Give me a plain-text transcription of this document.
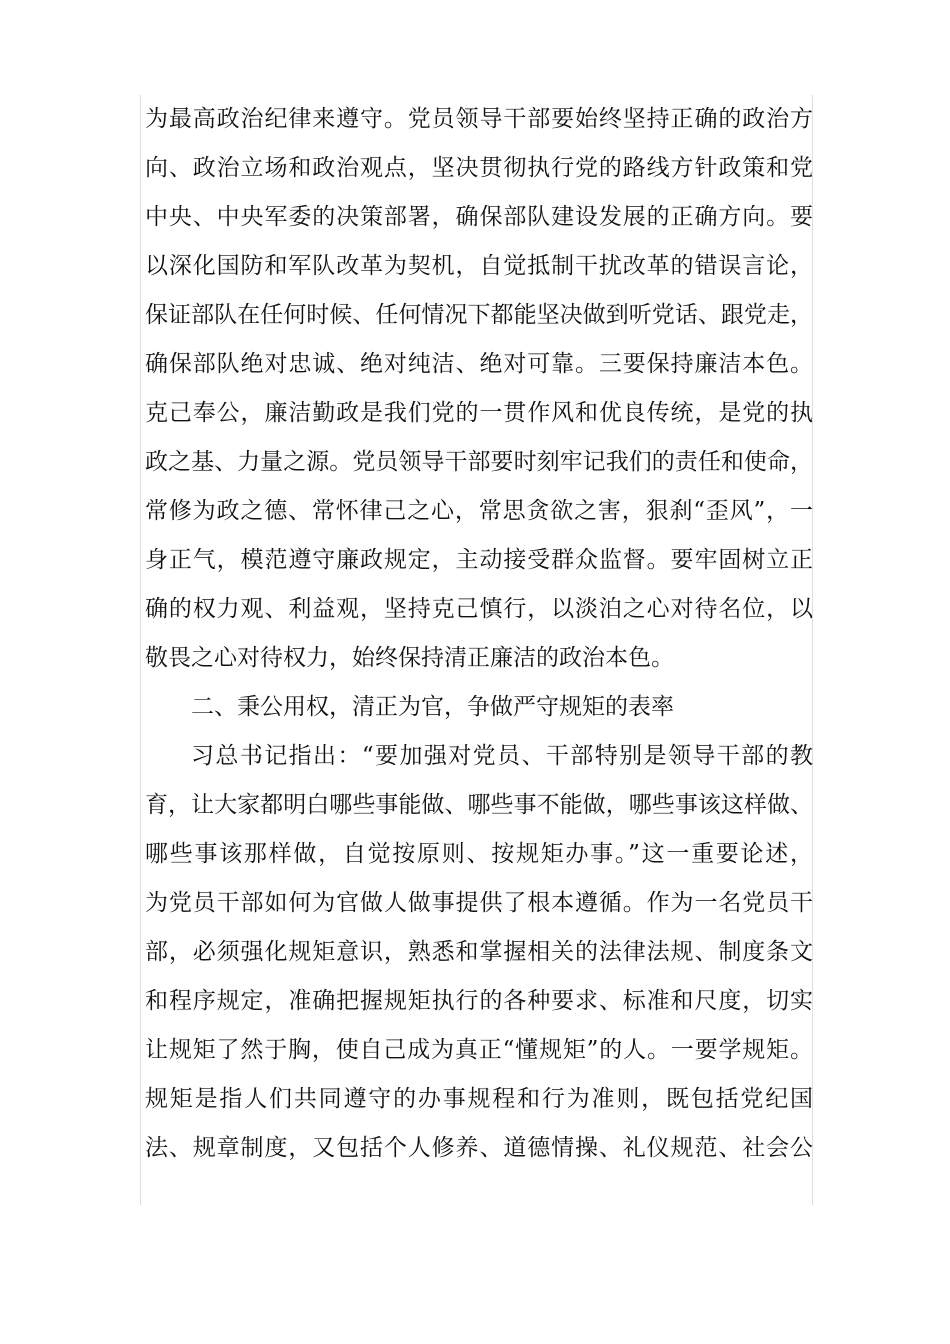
为最高政治纪律来遵守。党员领导干部要始终坚持正确的政治方
向、政治立场和政治观点，坚决贯彻执行党的路线方针政策和党
中央、中央军委的决策部署，确保部队建设发展的正确方向。要
以深化国防和军队改革为契机，自觉抵制干扰改革的错误言论，
保证部队在任何时候、任何情况下都能坚决做到听党话、跟党走，
确保部队绝对忠诚、绝对纯洁、绝对可靠。三要保持廉洁本色。
克己奉公，廉洁勤政是我们党的一贯作风和优良传统，是党的执
政之基、力量之源。党员领导干部要时刻牢记我们的责任和使命，
常修为政之德、常怀律己之心，常思贪欲之害，狠刹“歪风”，一
身正气，模范遵守廉政规定，主动接受群众监督。要牢固树立正
确的权力观、利益观，坚持克己慎行，以淡泊之心对待名位，以
敬畏之心对待权力，始终保持清正廉洁的政治本色。
二、秉公用权，清正为官，争做严守规矩的表率
习总书记指出：“要加强对党员、干部特别是领导干部的教
育，让大家都明白哪些事能做、哪些事不能做，哪些事该这样做、
哪些事该那样做，自觉按原则、按规矩办事。”这一重要论述，
为党员干部如何为官做人做事提供了根本遵循。作为一名党员干
部，必须强化规矩意识，熟悉和掌握相关的法律法规、制度条文
和程序规定，准确把握规矩执行的各种要求、标准和尺度，切实
让规矩了然于胸，使自己成为真正“懂规矩”的人。一要学规矩。
规矩是指人们共同遵守的办事规程和行为准则，既包括党纪国
法、规章制度，又包括个人修养、道德情操、礼仪规范、社会公
